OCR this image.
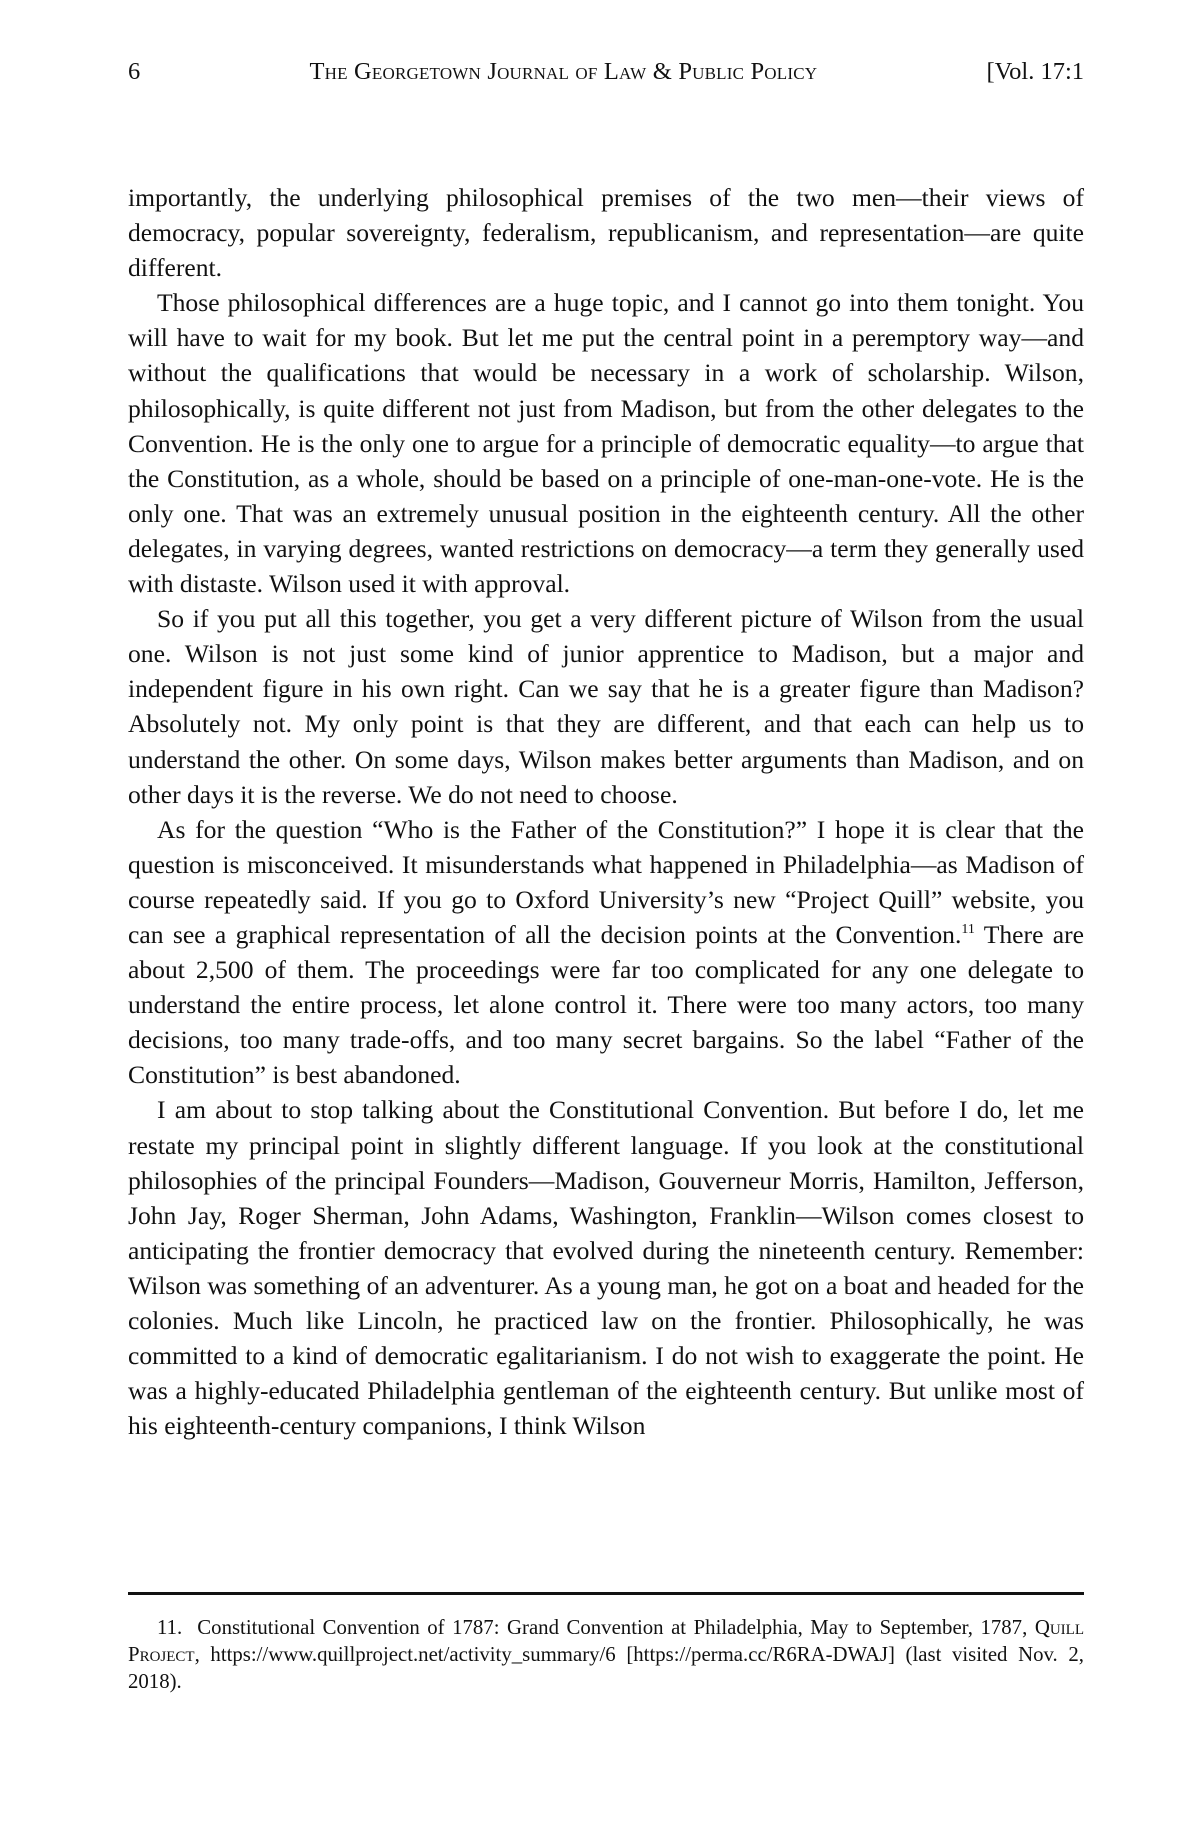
6	The Georgetown Journal of Law & Public Policy	[Vol. 17:1

importantly, the underlying philosophical premises of the two men—their views of democracy, popular sovereignty, federalism, republicanism, and representation—are quite different.

Those philosophical differences are a huge topic, and I cannot go into them tonight. You will have to wait for my book. But let me put the central point in a peremptory way—and without the qualifications that would be necessary in a work of scholarship. Wilson, philosophically, is quite different not just from Madison, but from the other delegates to the Convention. He is the only one to argue for a principle of democratic equality—to argue that the Constitution, as a whole, should be based on a principle of one-man-one-vote. He is the only one. That was an extremely unusual position in the eighteenth century. All the other delegates, in varying degrees, wanted restrictions on democracy—a term they generally used with distaste. Wilson used it with approval.

So if you put all this together, you get a very different picture of Wilson from the usual one. Wilson is not just some kind of junior apprentice to Madison, but a major and independent figure in his own right. Can we say that he is a greater figure than Madison? Absolutely not. My only point is that they are different, and that each can help us to understand the other. On some days, Wilson makes better arguments than Madison, and on other days it is the reverse. We do not need to choose.

As for the question “Who is the Father of the Constitution?” I hope it is clear that the question is misconceived. It misunderstands what happened in Philadelphia—as Madison of course repeatedly said. If you go to Oxford University’s new “Project Quill” website, you can see a graphical representation of all the decision points at the Convention.$^{11}$ There are about 2,500 of them. The proceedings were far too complicated for any one delegate to understand the entire process, let alone control it. There were too many actors, too many decisions, too many trade-offs, and too many secret bargains. So the label “Father of the Constitution” is best abandoned.

I am about to stop talking about the Constitutional Convention. But before I do, let me restate my principal point in slightly different language. If you look at the constitutional philosophies of the principal Founders—Madison, Gouverneur Morris, Hamilton, Jefferson, John Jay, Roger Sherman, John Adams, Washington, Franklin—Wilson comes closest to anticipating the frontier democracy that evolved during the nineteenth century. Remember: Wilson was something of an adventurer. As a young man, he got on a boat and headed for the colonies. Much like Lincoln, he practiced law on the frontier. Philosophically, he was committed to a kind of democratic egalitarianism. I do not wish to exaggerate the point. He was a highly-educated Philadelphia gentleman of the eighteenth century. But unlike most of his eighteenth-century companions, I think Wilson

11. Constitutional Convention of 1787: Grand Convention at Philadelphia, May to September, 1787, Quill Project, https://www.quillproject.net/activity_summary/6 [https://perma.cc/R6RA-DWAJ] (last visited Nov. 2, 2018).
